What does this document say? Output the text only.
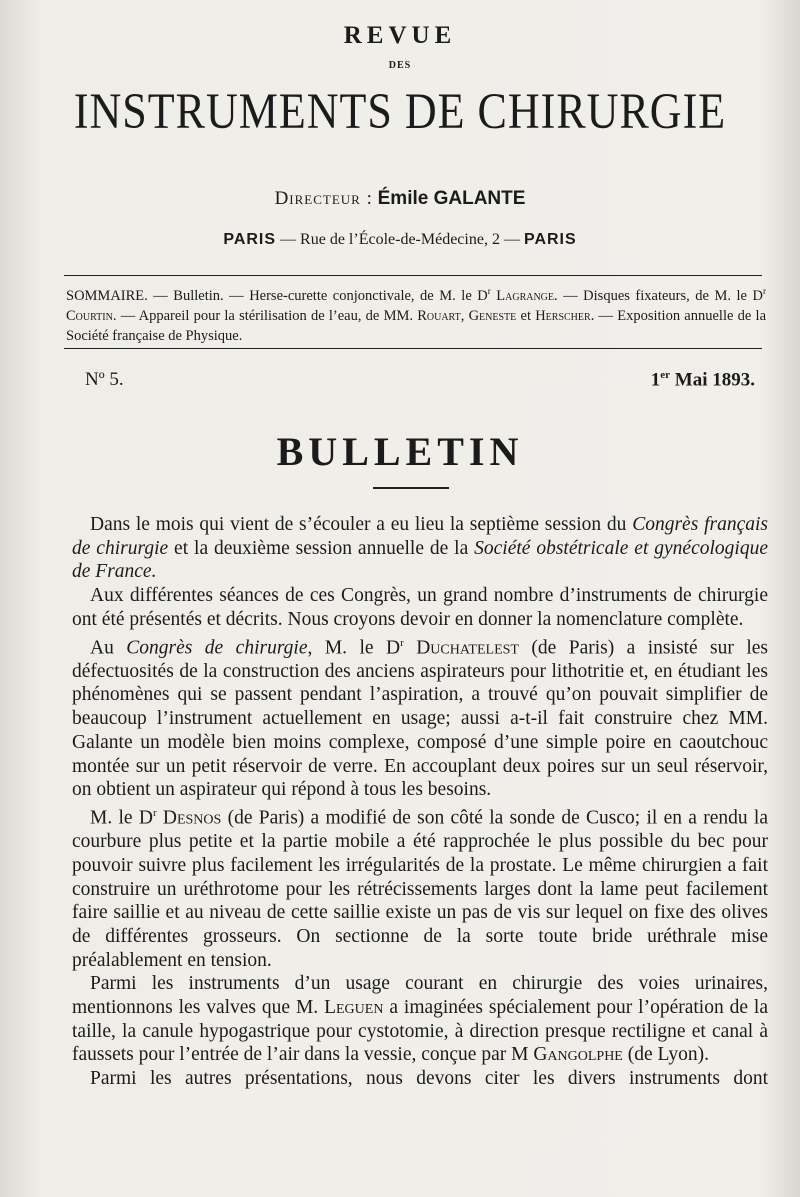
REVUE
DES
INSTRUMENTS DE CHIRURGIE
Directeur : Émile GALANTE
PARIS — Rue de l’École-de-Médecine, 2 — PARIS
SOMMAIRE. — Bulletin. — Herse-curette conjonctivale, de M. le $D^r$ Lagrange. — Disques fixateurs, de M. le $D^r$ Courtin. — Appareil pour la stérilisation de l’eau, de MM. Rouart, Geneste et Herscher. — Exposition annuelle de la Société française de Physique.
Nº 5.	1er Mai 1893.
BULLETIN

Dans le mois qui vient de s’écouler a eu lieu la septième session du Congrès français de chirurgie et la deuxième session annuelle de la Société obstétricale et gynécologique de France.

Aux différentes séances de ces Congrès, un grand nombre d’instruments de chirurgie ont été présentés et décrits. Nous croyons devoir en donner la nomenclature complète.

Au Congrès de chirurgie, M. le $D^r$ Duchatelest (de Paris) a insisté sur les défectuosités de la construction des anciens aspirateurs pour lithotritie et, en étudiant les phénomènes qui se passent pendant l’aspiration, a trouvé qu’on pouvait simplifier de beaucoup l’instrument actuellement en usage; aussi a-t-il fait construire chez MM. Galante un modèle bien moins complexe, composé d’une simple poire en caoutchouc montée sur un petit réservoir de verre. En accouplant deux poires sur un seul réservoir, on obtient un aspirateur qui répond à tous les besoins.

M. le $D^r$ Desnos (de Paris) a modifié de son côté la sonde de Cusco; il en a rendu la courbure plus petite et la partie mobile a été rapprochée le plus possible du bec pour pouvoir suivre plus facilement les irrégularités de la prostate. Le même chirurgien a fait construire un uréthrotome pour les rétrécissements larges dont la lame peut facilement faire saillie et au niveau de cette saillie existe un pas de vis sur lequel on fixe des olives de différentes grosseurs. On sectionne de la sorte toute bride uréthrale mise préalablement en tension.

Parmi les instruments d’un usage courant en chirurgie des voies urinaires, mentionnons les valves que M. Leguen a imaginées spécialement pour l’opération de la taille, la canule hypogastrique pour cystotomie, à direction presque rectiligne et canal à faussets pour l’entrée de l’air dans la vessie, conçue par M Gangolphe (de Lyon).

Parmi les autres présentations, nous devons citer les divers instruments dont
